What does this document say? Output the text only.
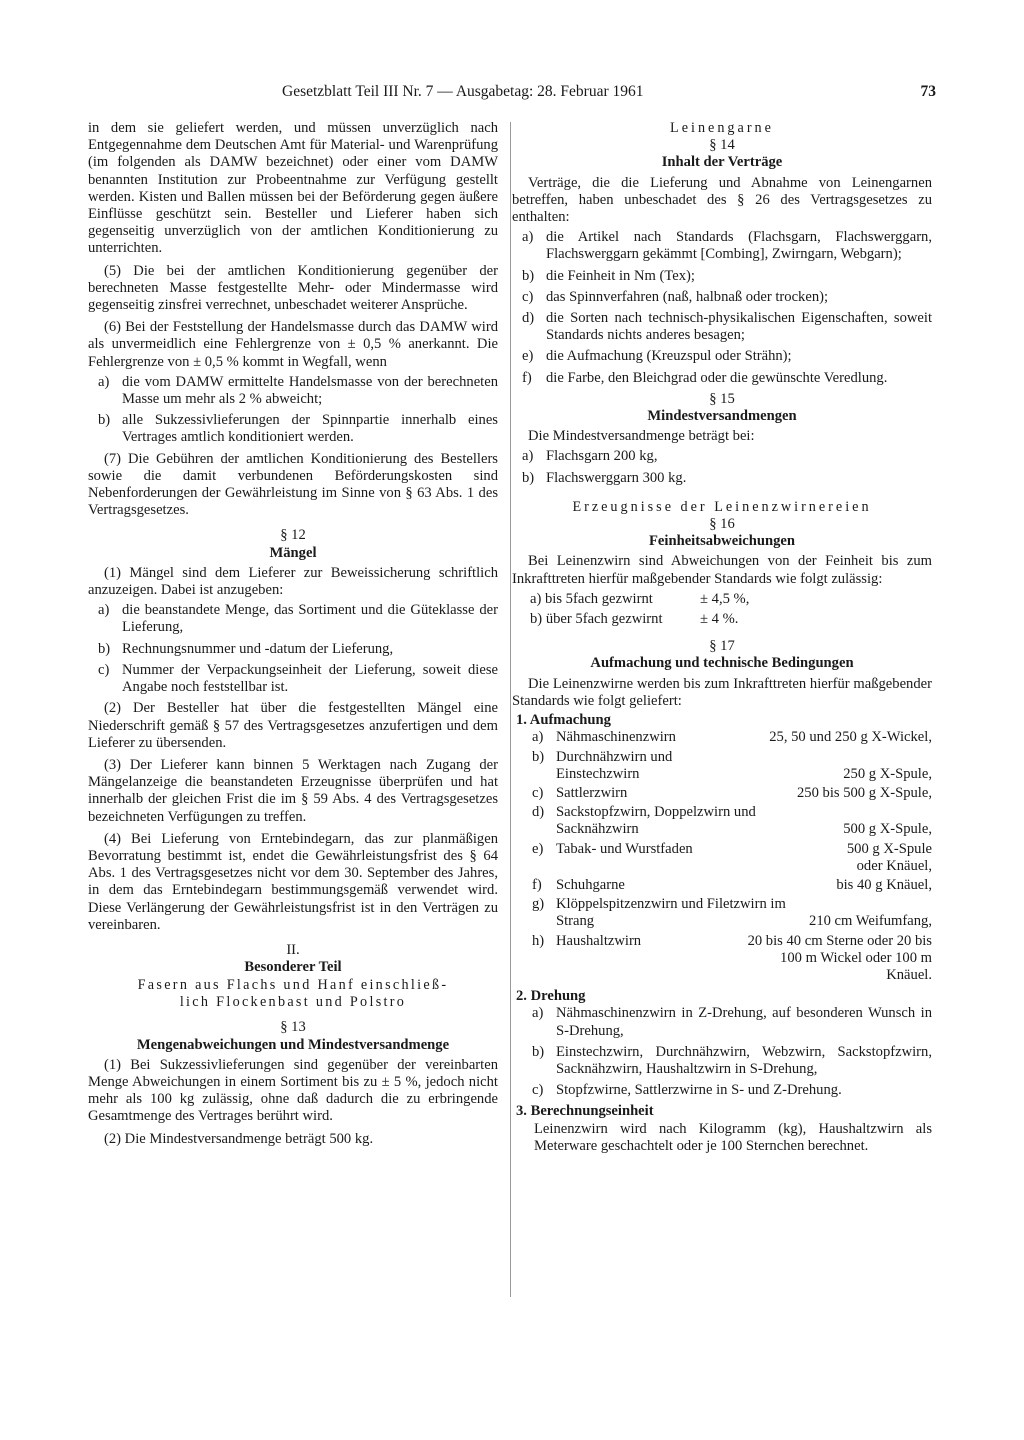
Gesetzblatt Teil III Nr. 7 — Ausgabetag: 28. Februar 1961	73

in dem sie geliefert werden, und müssen unverzüglich nach Entgegennahme dem Deutschen Amt für Material- und Warenprüfung (im folgenden als DAMW bezeichnet) oder einer vom DAMW benannten Institution zur Probeentnahme zur Verfügung gestellt werden. Kisten und Ballen müssen bei der Beförderung gegen äußere Einflüsse geschützt sein. Besteller und Lieferer haben sich gegenseitig unverzüglich von der amtlichen Konditionierung zu unterrichten.

(5) Die bei der amtlichen Konditionierung gegenüber der berechneten Masse festgestellte Mehr- oder Mindermasse wird gegenseitig zinsfrei verrechnet, unbeschadet weiterer Ansprüche.

(6) Bei der Feststellung der Handelsmasse durch das DAMW wird als unvermeidlich eine Fehlergrenze von ± 0,5 % anerkannt. Die Fehlergrenze von ± 0,5 % kommt in Wegfall, wenn

a) die vom DAMW ermittelte Handelsmasse von der berechneten Masse um mehr als 2 % abweicht;
b) alle Sukzessivlieferungen der Spinnpartie innerhalb eines Vertrages amtlich konditioniert werden.

(7) Die Gebühren der amtlichen Konditionierung des Bestellers sowie die damit verbundenen Beförderungskosten sind Nebenforderungen der Gewährleistung im Sinne von § 63 Abs. 1 des Vertragsgesetzes.

§ 12

Mängel

(1) Mängel sind dem Lieferer zur Beweissicherung schriftlich anzuzeigen. Dabei ist anzugeben:

a) die beanstandete Menge, das Sortiment und die Güteklasse der Lieferung,
b) Rechnungsnummer und -datum der Lieferung,
c) Nummer der Verpackungseinheit der Lieferung, soweit diese Angabe noch feststellbar ist.

(2) Der Besteller hat über die festgestellten Mängel eine Niederschrift gemäß § 57 des Vertragsgesetzes anzufertigen und dem Lieferer zu übersenden.

(3) Der Lieferer kann binnen 5 Werktagen nach Zugang der Mängelanzeige die beanstandeten Erzeugnisse überprüfen und hat innerhalb der gleichen Frist die im § 59 Abs. 4 des Vertragsgesetzes bezeichneten Verfügungen zu treffen.

(4) Bei Lieferung von Erntebindegarn, das zur planmäßigen Bevorratung bestimmt ist, endet die Gewährleistungsfrist des § 64 Abs. 1 des Vertragsgesetzes nicht vor dem 30. September des Jahres, in dem das Erntebindegarn bestimmungsgemäß verwendet wird. Diese Verlängerung der Gewährleistungsfrist ist in den Verträgen zu vereinbaren.

II.

Besonderer Teil

Fasern aus Flachs und Hanf einschließ-

lich Flockenbast und Polstro

§ 13

Mengenabweichungen und Mindestversandmenge

(1) Bei Sukzessivlieferungen sind gegenüber der vereinbarten Menge Abweichungen in einem Sortiment bis zu ± 5 %, jedoch nicht mehr als 100 kg zulässig, ohne daß dadurch die zu erbringende Gesamtmenge des Vertrages berührt wird.

(2) Die Mindestversandmenge beträgt 500 kg.

Leinengarne

§ 14

Inhalt der Verträge

Verträge, die die Lieferung und Abnahme von Leinengarnen betreffen, haben unbeschadet des § 26 des Vertragsgesetzes zu enthalten:

a) die Artikel nach Standards (Flachsgarn, Flachswerggarn, Flachswerggarn gekämmt [Combing], Zwirngarn, Webgarn);
b) die Feinheit in Nm (Tex);
c) das Spinnverfahren (naß, halbnaß oder trocken);
d) die Sorten nach technisch-physikalischen Eigenschaften, soweit Standards nichts anderes besagen;
e) die Aufmachung (Kreuzspul oder Strähn);
f) die Farbe, den Bleichgrad oder die gewünschte Veredlung.

§ 15

Mindestversandmengen

Die Mindestversandmenge beträgt bei:

a) Flachsgarn 200 kg,
b) Flachswerggarn 300 kg.

Erzeugnisse der Leinenzwirnereien

§ 16

Feinheitsabweichungen

Bei Leinenzwirn sind Abweichungen von der Feinheit bis zum Inkrafttreten hierfür maßgebender Standards wie folgt zulässig:

a) bis 5fach gezwirnt	± 4,5 %,
b) über 5fach gezwirnt	± 4 %.

§ 17

Aufmachung und technische Bedingungen

Die Leinenzwirne werden bis zum Inkrafttreten hierfür maßgebender Standards wie folgt geliefert:

1. Aufmachung

a) Nähmaschinenzwirn	25, 50 und 250 g X-Wickel,
b) Durchnähzwirn und Einstechzwirn	250 g X-Spule,
c) Sattlerzwirn	250 bis 500 g X-Spule,
d) Sackstopfzwirn, Doppelzwirn und Sacknähzwirn	500 g X-Spule,
e) Tabak- und Wurstfaden	500 g X-Spule oder Knäuel,
f) Schuhgarne	bis 40 g Knäuel,
g) Klöppelspitzenzwirn und Filetzwirn im Strang	210 cm Weifumfang,
h) Haushaltzwirn	20 bis 40 cm Sterne oder 20 bis 100 m Wickel oder 100 m Knäuel.

2. Drehung

a) Nähmaschinenzwirn in Z-Drehung, auf besonderen Wunsch in S-Drehung,
b) Einstechzwirn, Durchnähzwirn, Webzwirn, Sackstopfzwirn, Sacknähzwirn, Haushaltzwirn in S-Drehung,
c) Stopfzwirne, Sattlerzwirne in S- und Z-Drehung.

3. Berechnungseinheit

Leinenzwirn wird nach Kilogramm (kg), Haushaltzwirn als Meterware geschachtelt oder je 100 Sternchen berechnet.
